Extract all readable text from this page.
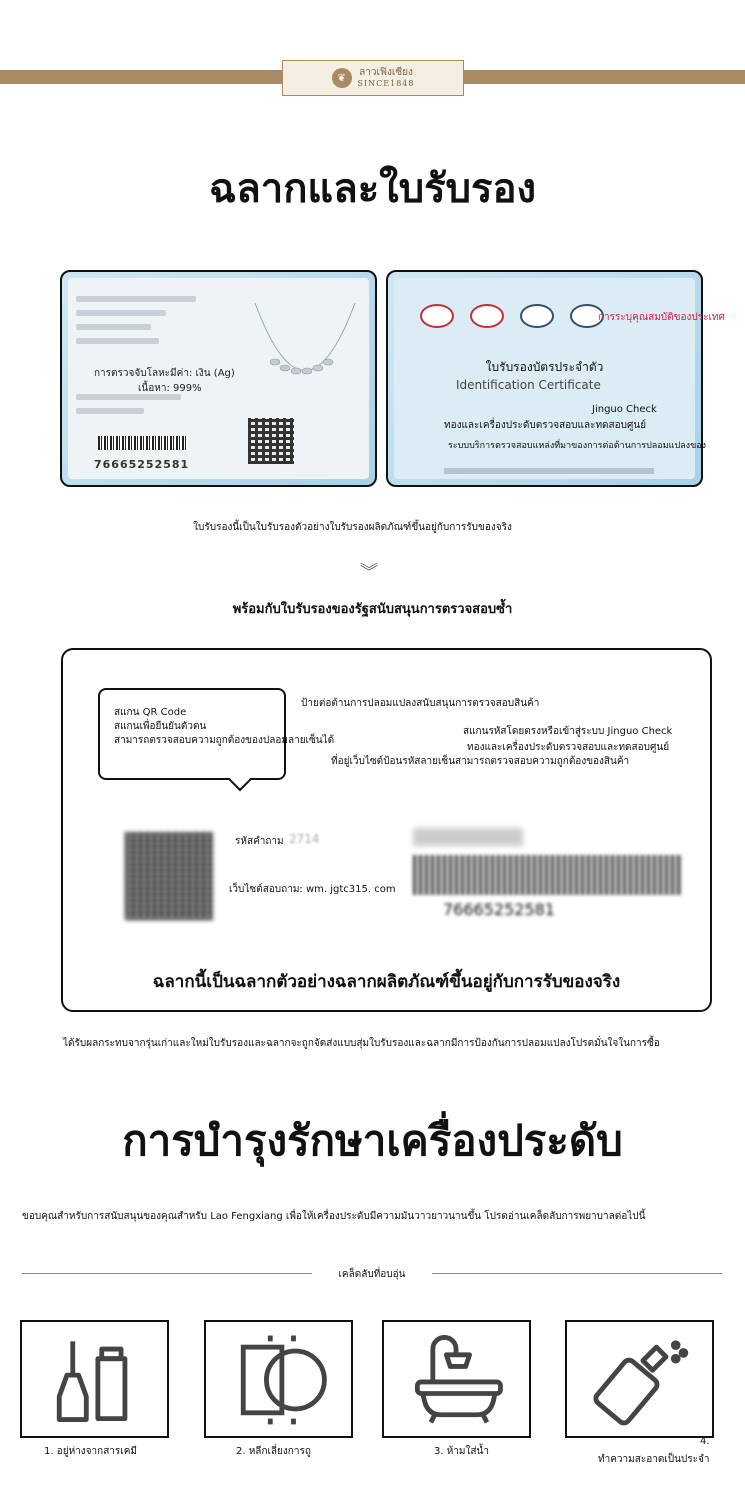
❦	ลาวเฟิงเซียง
SINCE1848
ฉลากและใบรับรอง
การตรวจจับโลหะมีค่า: เงิน (Ag)
เนื้อหา: 999%
76665252581
การระบุคุณสมบัติของประเทศ
ใบรับรองบัตรประจำตัว
Identification Certificate
Jinguo Check
ทองและเครื่องประดับตรวจสอบและทดสอบศูนย์
ระบบบริการตรวจสอบแหล่งที่มาของการต่อต้านการปลอมแปลงของ
ใบรับรองนี้เป็นใบรับรองตัวอย่างใบรับรองผลิตภัณฑ์ขึ้นอยู่กับการรับของจริง
︾
พร้อมกับใบรับรองของรัฐสนับสนุนการตรวจสอบซ้ำ
สแกน QR Code
สแกนเพื่อยืนยันตัวตน
สามารถตรวจสอบความถูกต้องของปลอมลายเซ็นได้
ป้ายต่อต้านการปลอมแปลงสนับสนุนการตรวจสอบสินค้า
สแกนรหัสโดยตรงหรือเข้าสู่ระบบ Jinguo Check
ทองและเครื่องประดับตรวจสอบและทดสอบศูนย์
ที่อยู่เว็บไซต์ป้อนรหัสลายเซ็นสามารถตรวจสอบความถูกต้องของสินค้า
รหัสคำถาม 2714
เว็บไซต์สอบถาม: wm. jgtc315. com
76665252581
ฉลากนี้เป็นฉลากตัวอย่างฉลากผลิตภัณฑ์ขึ้นอยู่กับการรับของจริง
ได้รับผลกระทบจากรุ่นเก่าและใหม่ใบรับรองและฉลากจะถูกจัดส่งแบบสุ่มใบรับรองและฉลากมีการป้องกันการปลอมแปลงโปรดมั่นใจในการซื้อ
การบำรุงรักษาเครื่องประดับ
ขอบคุณสำหรับการสนับสนุนของคุณสำหรับ Lao Fengxiang เพื่อให้เครื่องประดับมีความมันวาวยาวนานขึ้น โปรดอ่านเคล็ดลับการพยาบาลต่อไปนี้
เคล็ดลับที่อบอุ่น
1. อยู่ห่างจากสารเคมี	2. หลีกเลี่ยงการถู	3. ห้ามใส่น้ำ
4.
ทำความสะอาดเป็นประจำ
